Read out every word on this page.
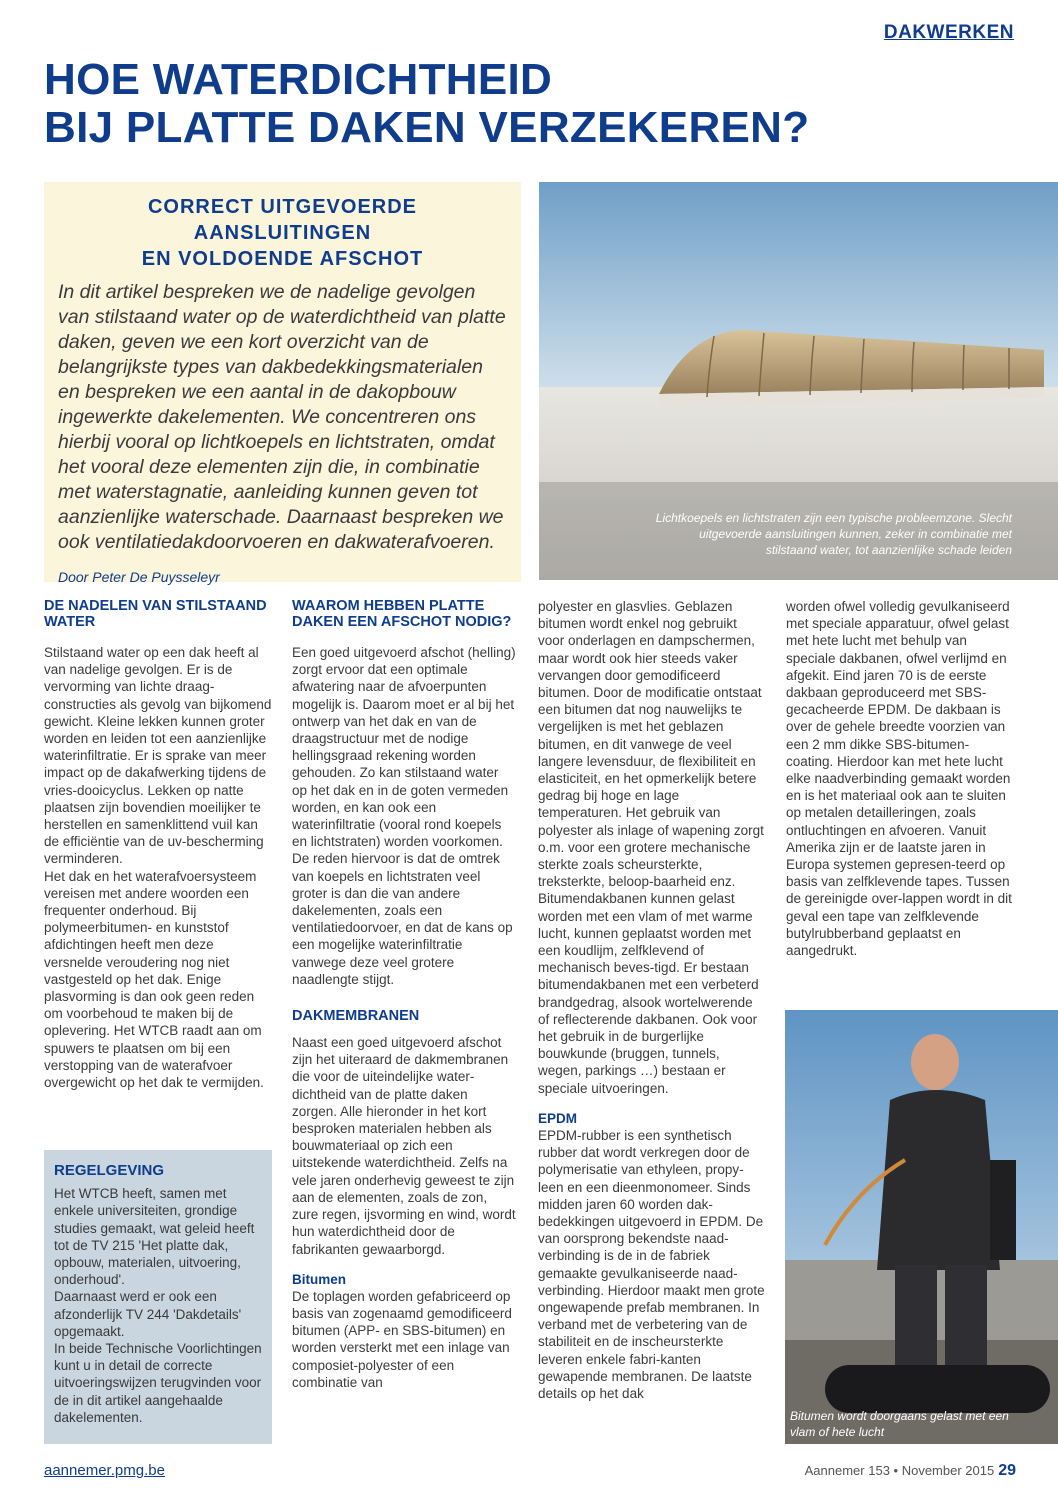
DAKWERKEN
HOE WATERDICHTHEID
BIJ PLATTE DAKEN VERZEKEREN?
CORRECT UITGEVOERDE AANSLUITINGEN
EN VOLDOENDE AFSCHOT

In dit artikel bespreken we de nadelige gevolgen van stilstaand water op de waterdichtheid van platte daken, geven we een kort overzicht van de belangrijkste types van dakbedekkingsmaterialen en bespreken we een aantal in de dakopbouw ingewerkte dakelementen. We concentreren ons hierbij vooral op lichtkoepels en lichtstraten, omdat het vooral deze elementen zijn die, in combinatie met waterstagnatie, aanleiding kunnen geven tot aanzienlijke waterschade. Daarnaast bespreken we ook ventilatiedakdoorvoeren en dakwaterafvoeren.

Door Peter De Puysseleyr

Lichtkoepels en lichtstraten zijn een typische probleemzone. Slecht uitgevoerde aansluitingen kunnen, zeker in combinatie met stilstaand water, tot aanzienlijke schade leiden
DE NADELEN VAN STILSTAAND WATER

Stilstaand water op een dak heeft al van nadelige gevolgen. Er is de vervorming van lichte draag-constructies als gevolg van bijkomend gewicht. Kleine lekken kunnen groter worden en leiden tot een aanzienlijke waterinfiltratie. Er is sprake van meer impact op de dakafwerking tijdens de vries-dooicyclus. Lekken op natte plaatsen zijn bovendien moeilijker te herstellen en samenklittend vuil kan de efficiëntie van de uv-bescherming verminderen.

Het dak en het waterafvoersysteem vereisen met andere woorden een frequenter onderhoud. Bij polymeerbitumen- en kunststof afdichtingen heeft men deze versnelde veroudering nog niet vastgesteld op het dak. Enige plasvorming is dan ook geen reden om voorbehoud te maken bij de oplevering. Het WTCB raadt aan om spuwers te plaatsen om bij een verstopping van de waterafvoer overgewicht op het dak te vermijden.

REGELGEVING

Het WTCB heeft, samen met enkele universiteiten, grondige studies gemaakt, wat geleid heeft tot de TV 215 'Het platte dak, opbouw, materialen, uitvoering, onderhoud'.

Daarnaast werd er ook een afzonderlijk TV 244 'Dakdetails' opgemaakt.

In beide Technische Voorlichtingen kunt u in detail de correcte uitvoeringswijzen terugvinden voor de in dit artikel aangehaalde dakelementen.

WAAROM HEBBEN PLATTE DAKEN EEN AFSCHOT NODIG?

Een goed uitgevoerd afschot (helling) zorgt ervoor dat een optimale afwatering naar de afvoerpunten mogelijk is. Daarom moet er al bij het ontwerp van het dak en van de draagstructuur met de nodige hellingsgraad rekening worden gehouden. Zo kan stilstaand water op het dak en in de goten vermeden worden, en kan ook een waterinfiltratie (vooral rond koepels en lichtstraten) worden voorkomen. De reden hiervoor is dat de omtrek van koepels en lichtstraten veel groter is dan die van andere dakelementen, zoals een ventilatiedoorvoer, en dat de kans op een mogelijke waterinfiltratie vanwege deze veel grotere naadlengte stijgt.

DAKMEMBRANEN

Naast een goed uitgevoerd afschot zijn het uiteraard de dakmembranen die voor de uiteindelijke water-dichtheid van de platte daken zorgen. Alle hieronder in het kort besproken materialen hebben als bouwmateriaal op zich een uitstekende waterdichtheid. Zelfs na vele jaren onderhevig geweest te zijn aan de elementen, zoals de zon, zure regen, ijsvorming en wind, wordt hun waterdichtheid door de fabrikanten gewaarborgd.

Bitumen

De toplagen worden gefabriceerd op basis van zogenaamd gemodificeerd bitumen (APP- en SBS-bitumen) en worden versterkt met een inlage van composiet-polyester of een combinatie van

polyester en glasvlies. Geblazen bitumen wordt enkel nog gebruikt voor onderlagen en dampschermen, maar wordt ook hier steeds vaker vervangen door gemodificeerd bitumen. Door de modificatie ontstaat een bitumen dat nog nauwelijks te vergelijken is met het geblazen bitumen, en dit vanwege de veel langere levensduur, de flexibiliteit en elasticiteit, en het opmerkelijk betere gedrag bij hoge en lage temperaturen. Het gebruik van polyester als inlage of wapening zorgt o.m. voor een grotere mechanische sterkte zoals scheursterkte, treksterkte, beloop-baarheid enz. Bitumendakbanen kunnen gelast worden met een vlam of met warme lucht, kunnen geplaatst worden met een koudlijm, zelfklevend of mechanisch beves-tigd. Er bestaan bitumendakbanen met een verbeterd brandgedrag, alsook wortelwerende of reflecterende dakbanen. Ook voor het gebruik in de burgerlijke bouwkunde (bruggen, tunnels, wegen, parkings …) bestaan er speciale uitvoeringen.

EPDM

EPDM-rubber is een synthetisch rubber dat wordt verkregen door de polymerisatie van ethyleen, propy-leen en een dieenmonomeer. Sinds midden jaren 60 worden dak-bedekkingen uitgevoerd in EPDM. De van oorsprong bekendste naad-verbinding is de in de fabriek gemaakte gevulkaniseerde naad-verbinding. Hierdoor maakt men grote ongewapende prefab membranen. In verband met de verbetering van de stabiliteit en de inscheursterkte leveren enkele fabri-kanten gewapende membranen. De laatste details op het dak

worden ofwel volledig gevulkaniseerd met speciale apparatuur, ofwel gelast met hete lucht met behulp van speciale dakbanen, ofwel verlijmd en afgekit. Eind jaren 70 is de eerste dakbaan geproduceerd met SBS-gecacheerde EPDM. De dakbaan is over de gehele breedte voorzien van een 2 mm dikke SBS-bitumen-coating. Hierdoor kan met hete lucht elke naadverbinding gemaakt worden en is het materiaal ook aan te sluiten op metalen detailleringen, zoals ontluchtingen en afvoeren. Vanuit Amerika zijn er de laatste jaren in Europa systemen gepresen-teerd op basis van zelfklevende tapes. Tussen de gereinigde over-lappen wordt in dit geval een tape van zelfklevende butylrubberband geplaatst en aangedrukt.

Bitumen wordt doorgaans gelast met een vlam of hete lucht
aannemer.pmg.be	Aannemer 153 • November 2015 29
